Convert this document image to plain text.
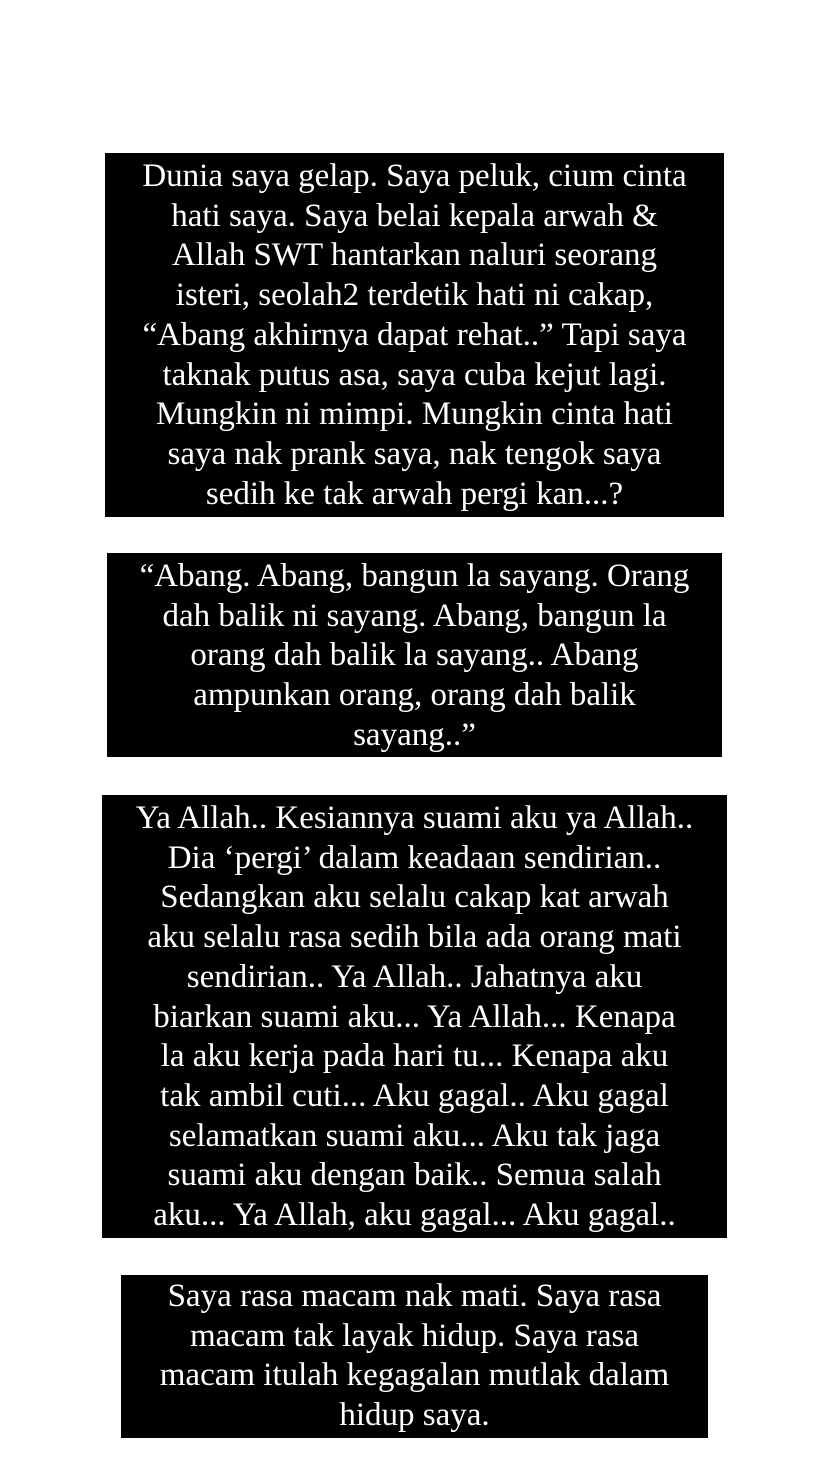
Dunia saya gelap. Saya peluk, cium cinta
hati saya. Saya belai kepala arwah &
Allah SWT hantarkan naluri seorang
isteri, seolah2 terdetik hati ni cakap,
“Abang akhirnya dapat rehat..” Tapi saya
taknak putus asa, saya cuba kejut lagi.
Mungkin ni mimpi. Mungkin cinta hati
saya nak prank saya, nak tengok saya
sedih ke tak arwah pergi kan...?
“Abang. Abang, bangun la sayang. Orang
dah balik ni sayang. Abang, bangun la
orang dah balik la sayang.. Abang
ampunkan orang, orang dah balik
sayang..”
Ya Allah.. Kesiannya suami aku ya Allah..
Dia ‘pergi’ dalam keadaan sendirian..
Sedangkan aku selalu cakap kat arwah
aku selalu rasa sedih bila ada orang mati
sendirian.. Ya Allah.. Jahatnya aku
biarkan suami aku... Ya Allah... Kenapa
la aku kerja pada hari tu... Kenapa aku
tak ambil cuti... Aku gagal.. Aku gagal
selamatkan suami aku... Aku tak jaga
suami aku dengan baik.. Semua salah
aku... Ya Allah, aku gagal... Aku gagal..
Saya rasa macam nak mati. Saya rasa
macam tak layak hidup. Saya rasa
macam itulah kegagalan mutlak dalam
hidup saya.
